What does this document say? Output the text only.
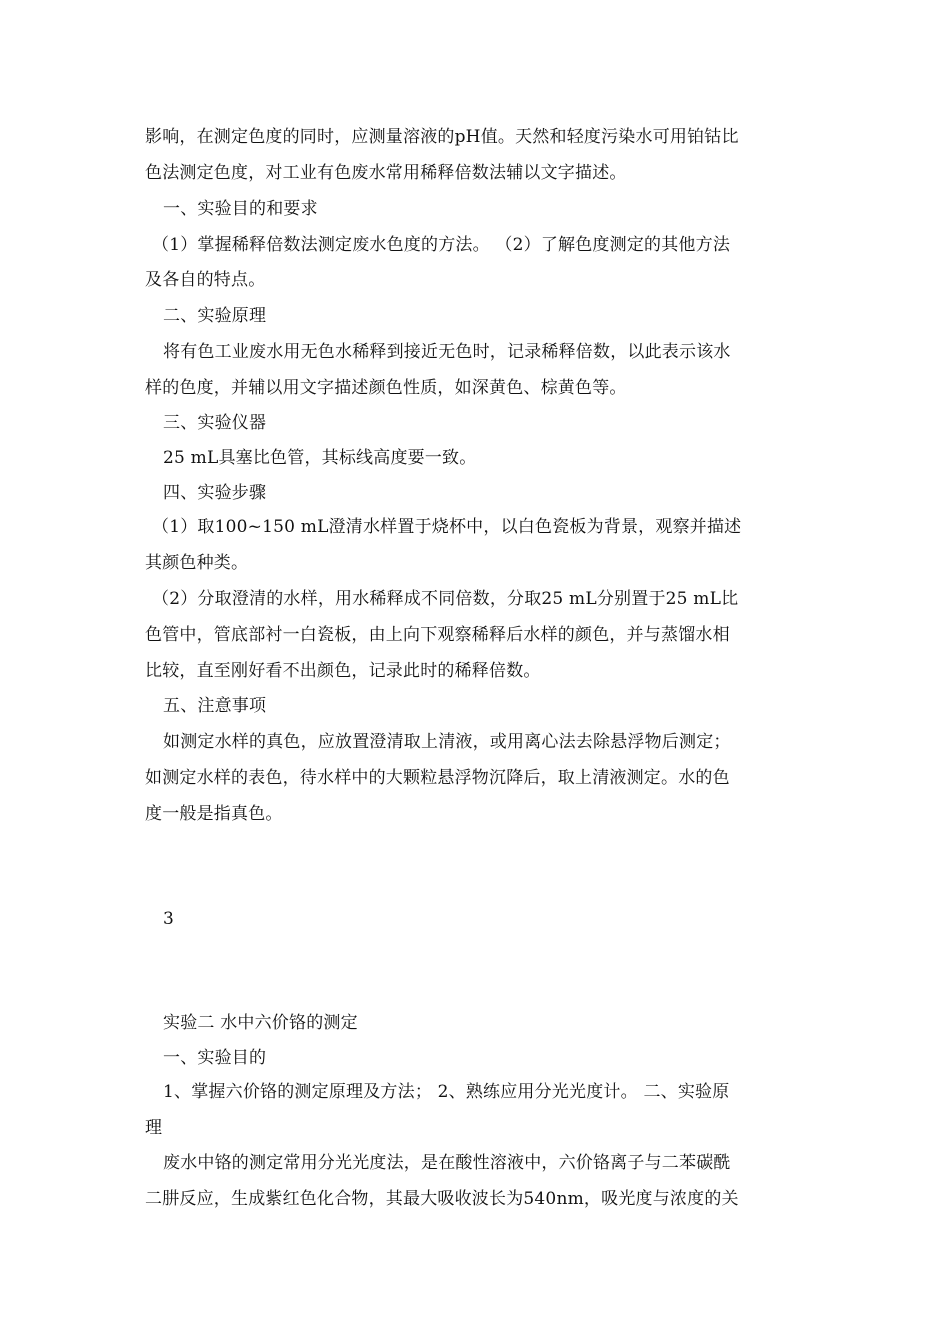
影响，在测定色度的同时，应测量溶液的pH值。天然和轻度污染水可用铂钴比
色法测定色度，对工业有色废水常用稀释倍数法辅以文字描述。
一、实验目的和要求
（1）掌握稀释倍数法测定废水色度的方法。 （2）了解色度测定的其他方法
及各自的特点。
二、实验原理
将有色工业废水用无色水稀释到接近无色时，记录稀释倍数，以此表示该水
样的色度，并辅以用文字描述颜色性质，如深黄色、棕黄色等。
三、实验仪器
25 mL具塞比色管，其标线高度要一致。
四、实验步骤
（1）取100~150 mL澄清水样置于烧杯中，以白色瓷板为背景，观察并描述
其颜色种类。
（2）分取澄清的水样，用水稀释成不同倍数，分取25 mL分别置于25 mL比
色管中，管底部衬一白瓷板，由上向下观察稀释后水样的颜色，并与蒸馏水相
比较，直至刚好看不出颜色，记录此时的稀释倍数。
五、注意事项
如测定水样的真色，应放置澄清取上清液，或用离心法去除悬浮物后测定；
如测定水样的表色，待水样中的大颗粒悬浮物沉降后，取上清液测定。水的色
度一般是指真色。
3
实验二 水中六价铬的测定
一、实验目的
1、掌握六价铬的测定原理及方法； 2、熟练应用分光光度计。 二、实验原
理
废水中铬的测定常用分光光度法，是在酸性溶液中，六价铬离子与二苯碳酰
二肼反应，生成紫红色化合物，其最大吸收波长为540nm，吸光度与浓度的关
